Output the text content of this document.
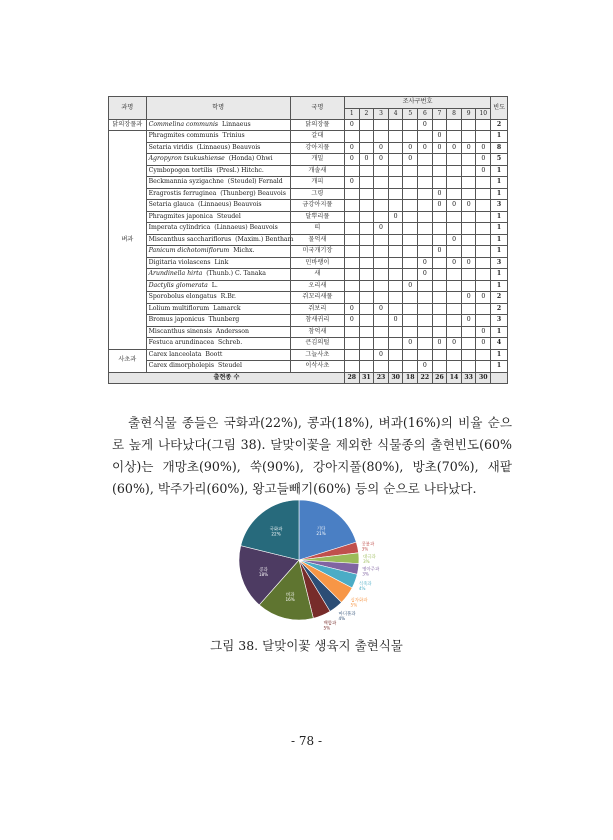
과명	학명	국명	조사구번호										빈도
			1	2	3	4	5	6	7	8	9	10	
닭의장풀과	Commelina communis Linnaeus	닭의장풀	0					0					2
벼과	Phragmites communis Trinius	갈대							0				1
	Setaria viridis (Linnaeus) Beauvois	강아지풀	0		0		0	0	0	0	0	0	8
	Agropyron tsukushiense (Honda) Ohwi	개밀	0	0	0		0					0	5
	Cymbopogon tortilis (Presl.) Hitchc.	개솔새										0	1
	Beckmannia syzigachne (Steudel) Fernald	개피	0										1
	Eragrostis ferruginea (Thunberg) Beauvois	그령							0				1
	Setaria glauca (Linnaeus) Beauvois	금강아지풀							0	0	0		3
	Phragmites japonica Steudel	달뿌리풀				0							1
	Imperata cylindrica (Linnaeus) Beauvois	띠			0								1
	Miscanthus sacchariflorus (Maxim.) Bentham	물억새								0			1
	Panicum dichotomiflorum Michx.	미국개기장							0				1
	Digitaria violascens Link	민바랭이						0		0	0		3
	Arundinella hirta (Thunb.) C. Tanaka	새						0					1
	Dactylis glomerata L.	오리새					0						1
	Sporobolus elongatus R.Br.	쥐꼬리새풀									0	0	2
	Lolium multiflorum Lamarck	쥐보리	0		0								2
	Bromus japonicus Thunberg	참새귀리	0			0					0		3
	Miscanthus sinensis Andersson	참억새										0	1
	Festuca arundinacea Schreb.	큰김의털					0		0	0		0	4
사초과	Carex lanceolata Boott	그늘사초			0								1
	Carex dimorpholepis Steudel	이삭사초						0					1
출현종 수			28	31	23	30	18	22	26	14	33	30	

출현식물 종들은 국화과(22%), 콩과(18%), 벼과(16%)의 비율 순으로 높게 나타났다(그림 38). 달맞이꽃을 제외한 식물종의 출현빈도(60%이상)는 개망초(90%), 쑥(90%), 강아지풀(80%), 방초(70%), 새팥(60%), 박주가리(60%), 왕고들빼기(60%) 등의 순으로 나타났다.

기타
21%
콩불과
3%
대극과
3%
명아주과
3%
석죽과
4%
십자화과
5%
마디풀과
4%
백합과
5%
벼과
16%
콩과
18%
국화과
22%
그림 38. 달맞이꽃 생육지 출현식물
- 78 -
